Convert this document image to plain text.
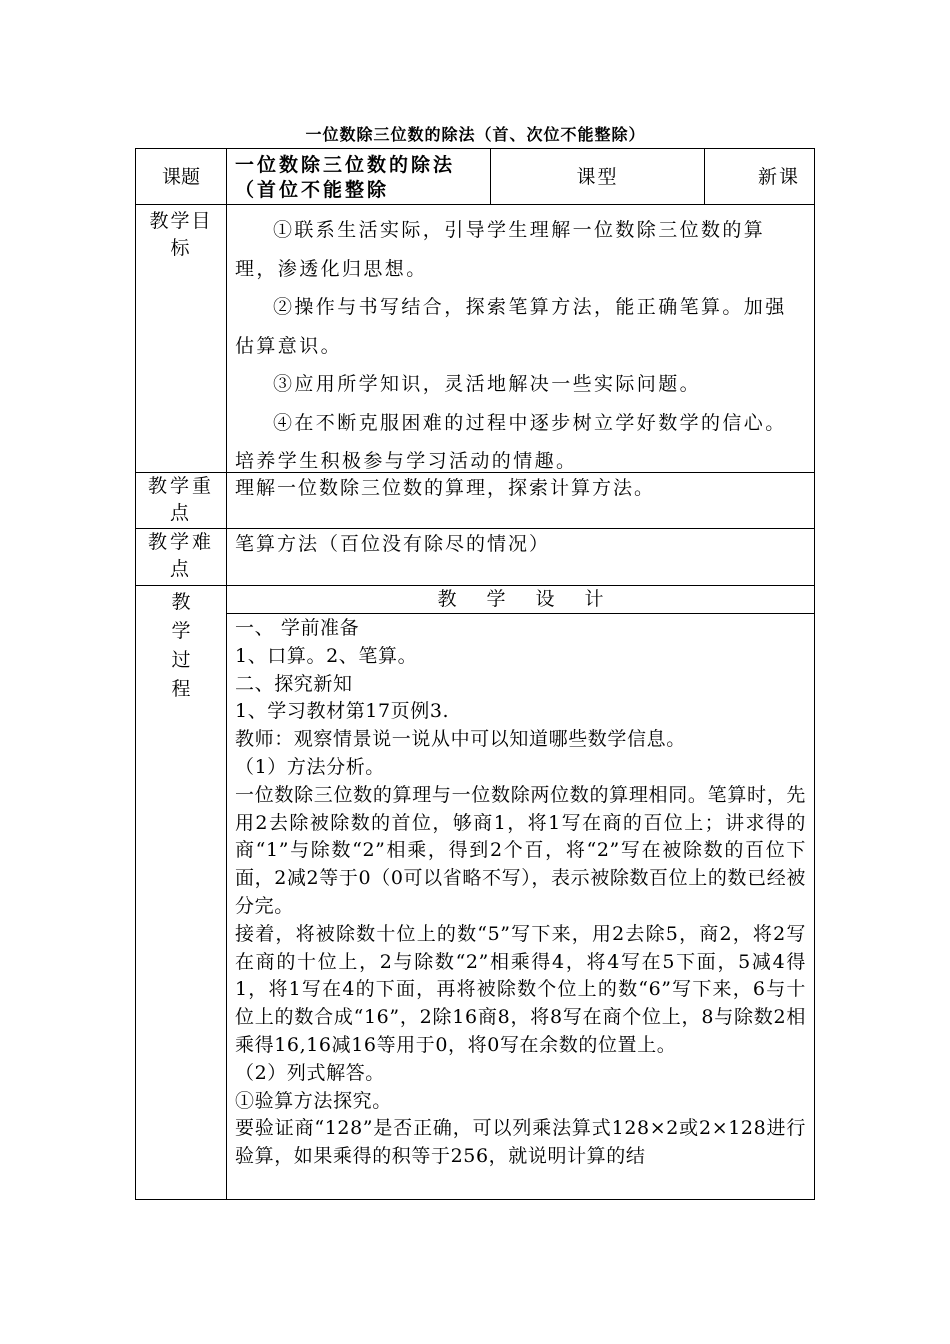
一位数除三位数的除法（首、次位不能整除）
课题
一位数除三位数的除法（首位不能整除
课型	新课
教学目标

①联系生活实际，引导学生理解一位数除三位数的算理，渗透化归思想。

②操作与书写结合，探索笔算方法，能正确笔算。加强估算意识。

③应用所学知识，灵活地解决一些实际问题。

④在不断克服困难的过程中逐步树立学好数学的信心。培养学生积极参与学习活动的情趣。

教学重点
理解一位数除三位数的算理，探索计算方法。
教学难点
笔算方法（百位没有除尽的情况）
教
学
过
程
教学设计

一、 学前准备

1、口算。2、笔算。

二、探究新知

1、学习教材第17页例3.

教师：观察情景说一说从中可以知道哪些数学信息。

（1）方法分析。

一位数除三位数的算理与一位数除两位数的算理相同。笔算时，先用2去除被除数的首位，够商1，将1写在商的百位上；讲求得的商“1”与除数“2”相乘，得到2个百，将“2”写在被除数的百位下面，2减2等于0（0可以省略不写），表示被除数百位上的数已经被分完。

接着，将被除数十位上的数“5”写下来，用2去除5，商2，将2写在商的十位上，2与除数“2”相乘得4，将4写在5下面，5减4得1，将1写在4的下面，再将被除数个位上的数“6”写下来，6与十位上的数合成“16”，2除16商8，将8写在商个位上，8与除数2相乘得16,16减16等用于0，将0写在余数的位置上。

（2）列式解答。

①验算方法探究。

要验证商“128”是否正确，可以列乘法算式128×2或2×128进行验算，如果乘得的积等于256，就说明计算的结
